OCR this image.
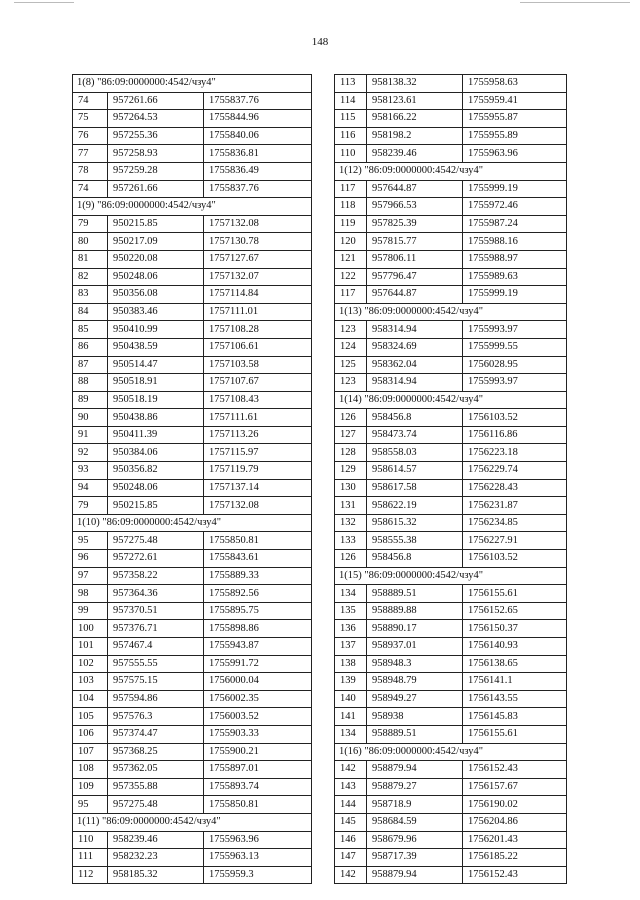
148
1(8) "86:09:0000000:4542/чзу4"		
74	957261.66	1755837.76
75	957264.53	1755844.96
76	957255.36	1755840.06
77	957258.93	1755836.81
78	957259.28	1755836.49
74	957261.66	1755837.76
1(9) "86:09:0000000:4542/чзу4"		
79	950215.85	1757132.08
80	950217.09	1757130.78
81	950220.08	1757127.67
82	950248.06	1757132.07
83	950356.08	1757114.84
84	950383.46	1757111.01
85	950410.99	1757108.28
86	950438.59	1757106.61
87	950514.47	1757103.58
88	950518.91	1757107.67
89	950518.19	1757108.43
90	950438.86	1757111.61
91	950411.39	1757113.26
92	950384.06	1757115.97
93	950356.82	1757119.79
94	950248.06	1757137.14
79	950215.85	1757132.08
1(10) "86:09:0000000:4542/чзу4"		
95	957275.48	1755850.81
96	957272.61	1755843.61
97	957358.22	1755889.33
98	957364.36	1755892.56
99	957370.51	1755895.75
100	957376.71	1755898.86
101	957467.4	1755943.87
102	957555.55	1755991.72
103	957575.15	1756000.04
104	957594.86	1756002.35
105	957576.3	1756003.52
106	957374.47	1755903.33
107	957368.25	1755900.21
108	957362.05	1755897.01
109	957355.88	1755893.74
95	957275.48	1755850.81
1(11) "86:09:0000000:4542/чзу4"		
110	958239.46	1755963.96
111	958232.23	1755963.13
112	958185.32	1755959.3
113	958138.32	1755958.63
114	958123.61	1755959.41
115	958166.22	1755955.87
116	958198.2	1755955.89
110	958239.46	1755963.96
1(12) "86:09:0000000:4542/чзу4"		
117	957644.87	1755999.19
118	957966.53	1755972.46
119	957825.39	1755987.24
120	957815.77	1755988.16
121	957806.11	1755988.97
122	957796.47	1755989.63
117	957644.87	1755999.19
1(13) "86:09:0000000:4542/чзу4"		
123	958314.94	1755993.97
124	958324.69	1755999.55
125	958362.04	1756028.95
123	958314.94	1755993.97
1(14) "86:09:0000000:4542/чзу4"		
126	958456.8	1756103.52
127	958473.74	1756116.86
128	958558.03	1756223.18
129	958614.57	1756229.74
130	958617.58	1756228.43
131	958622.19	1756231.87
132	958615.32	1756234.85
133	958555.38	1756227.91
126	958456.8	1756103.52
1(15) "86:09:0000000:4542/чзу4"		
134	958889.51	1756155.61
135	958889.88	1756152.65
136	958890.17	1756150.37
137	958937.01	1756140.93
138	958948.3	1756138.65
139	958948.79	1756141.1
140	958949.27	1756143.55
141	958938	1756145.83
134	958889.51	1756155.61
1(16) "86:09:0000000:4542/чзу4"		
142	958879.94	1756152.43
143	958879.27	1756157.67
144	958718.9	1756190.02
145	958684.59	1756204.86
146	958679.96	1756201.43
147	958717.39	1756185.22
142	958879.94	1756152.43
